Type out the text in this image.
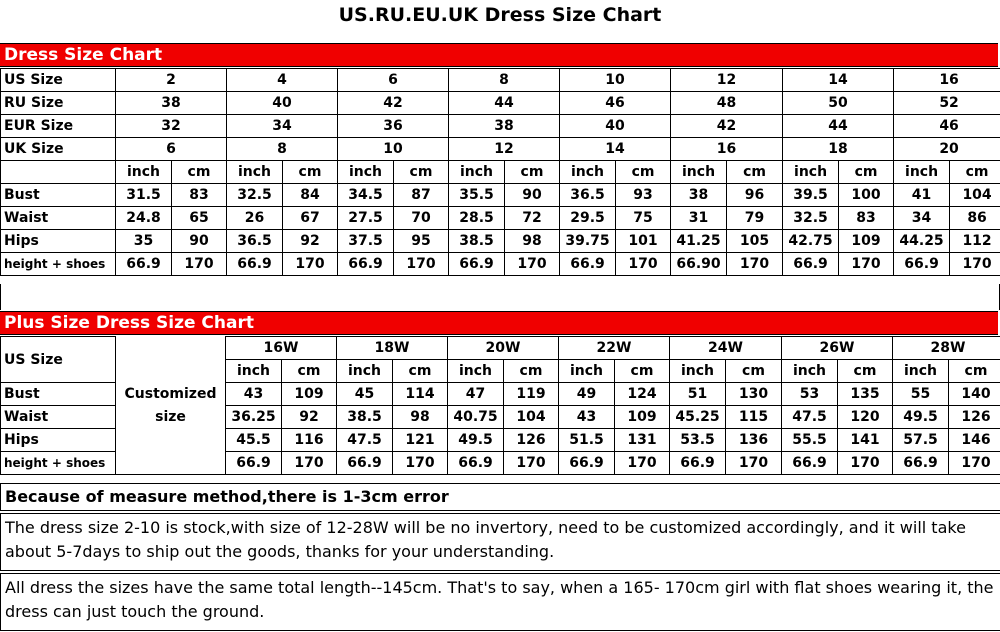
US.RU.EU.UK Dress Size Chart
Dress Size Chart
US Size	2		4		6		8		10		12		14		16	
RU Size	38		40		42		44		46		48		50		52	
EUR Size	32		34		36		38		40		42		44		46	
UK Size	6		8		10		12		14		16		18		20	
	inch	cm	inch	cm	inch	cm	inch	cm	inch	cm	inch	cm	inch	cm	inch	cm
Bust	31.5	83	32.5	84	34.5	87	35.5	90	36.5	93	38	96	39.5	100	41	104
Waist	24.8	65	26	67	27.5	70	28.5	72	29.5	75	31	79	32.5	83	34	86
Hips	35	90	36.5	92	37.5	95	38.5	98	39.75	101	41.25	105	42.75	109	44.25	112
height + shoes	66.9	170	66.9	170	66.9	170	66.9	170	66.9	170	66.90	170	66.9	170	66.9	170
Plus Size Dress Size Chart
US Size		16W		18W		20W		22W		24W		26W		28W	
		inch	cm	inch	cm	inch	cm	inch	cm	inch	cm	inch	cm	inch	cm
Bust	Customized	43	109	45	114	47	119	49	124	51	130	53	135	55	140
Waist	size	36.25	92	38.5	98	40.75	104	43	109	45.25	115	47.5	120	49.5	126
Hips		45.5	116	47.5	121	49.5	126	51.5	131	53.5	136	55.5	141	57.5	146
height + shoes		66.9	170	66.9	170	66.9	170	66.9	170	66.9	170	66.9	170	66.9	170
Because of measure method,there is 1-3cm error
The dress size 2-10 is stock,with size of 12-28W will be no invertory, need to be customized accordingly, and it will take about 5-7days to ship out the goods, thanks for your understanding.
All dress the sizes have the same total length--145cm. That's to say, when a 165- 170cm girl with flat shoes wearing it, the dress can just touch the ground.
